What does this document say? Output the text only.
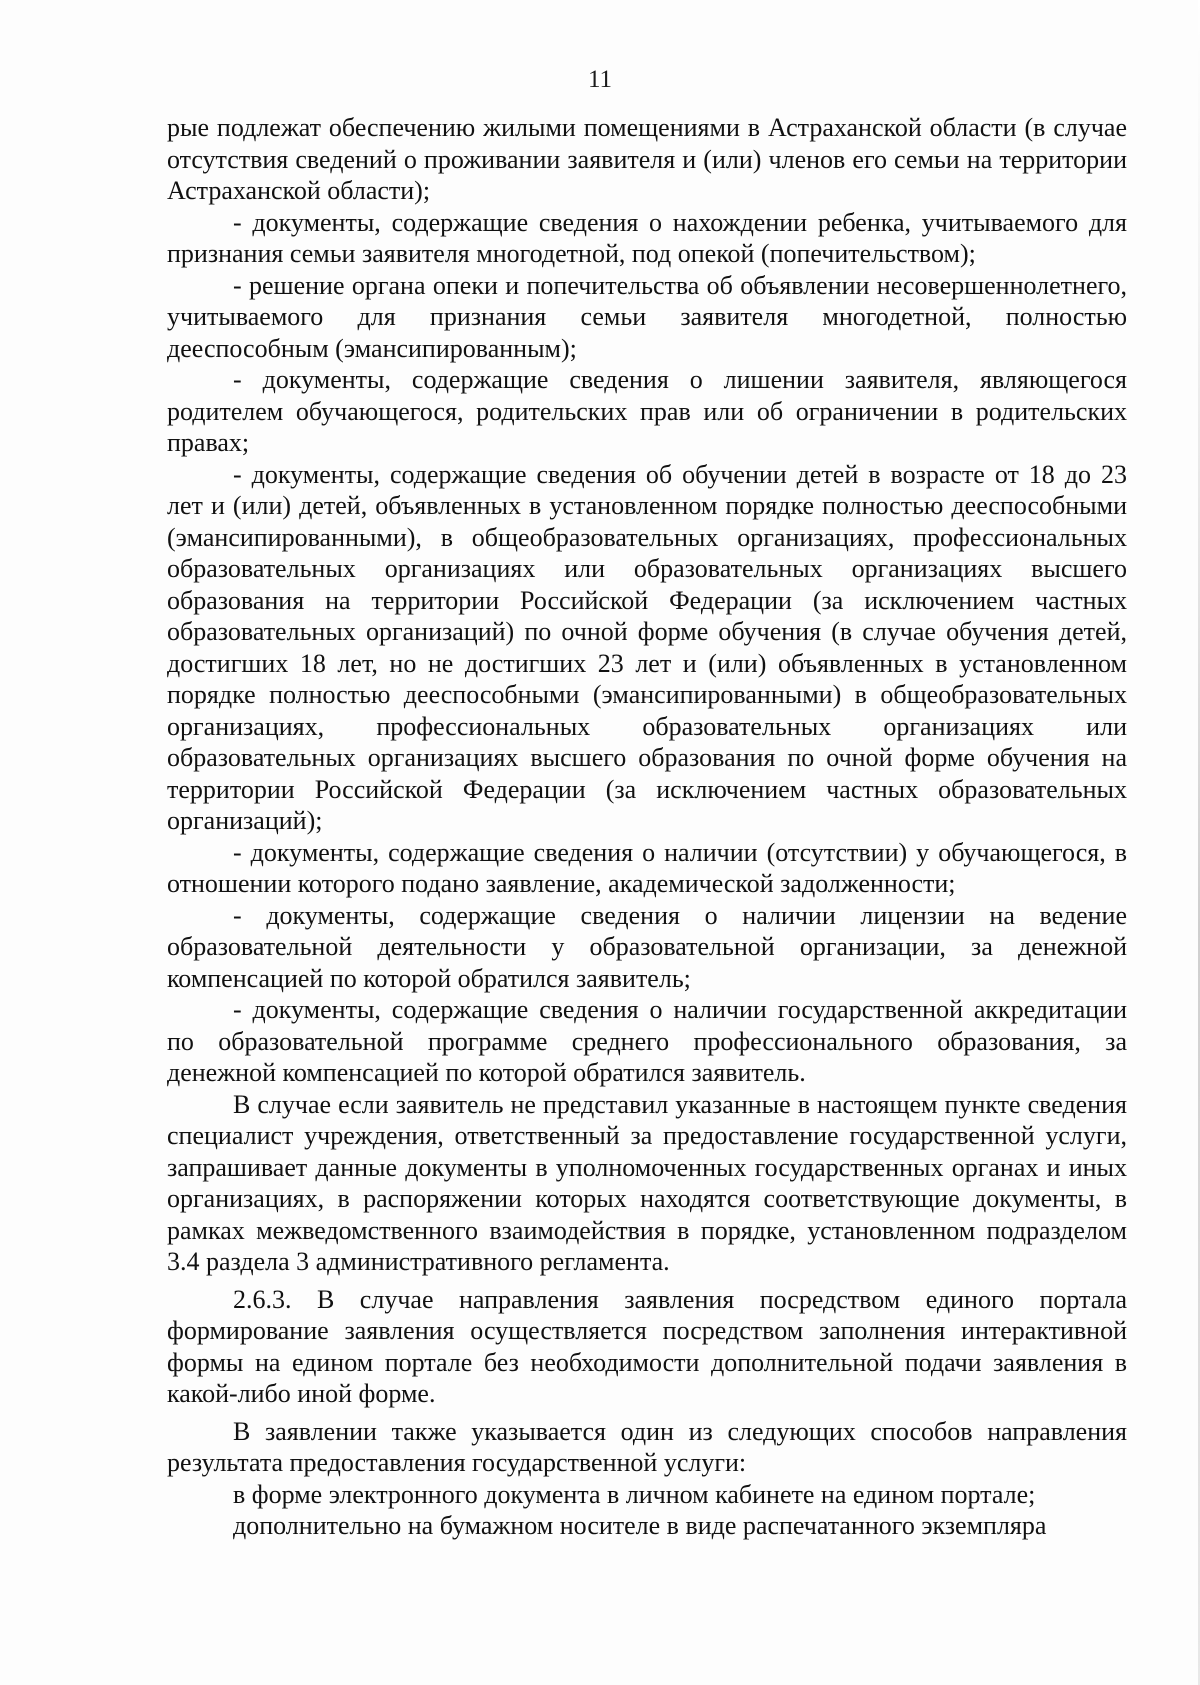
11

рые подлежат обеспечению жилыми помещениями в Астраханской области (в случае отсутствия сведений о проживании заявителя и (или) членов его семьи на территории Астраханской области);

- документы, содержащие сведения о нахождении ребенка, учитываемого для признания семьи заявителя многодетной, под опекой (попечительством);

- решение органа опеки и попечительства об объявлении несовершеннолетнего, учитываемого для признания семьи заявителя многодетной, полностью дееспособным (эмансипированным);

- документы, содержащие сведения о лишении заявителя, являющегося родителем обучающегося, родительских прав или об ограничении в родительских правах;

- документы, содержащие сведения об обучении детей в возрасте от 18 до 23 лет и (или) детей, объявленных в установленном порядке полностью дееспособными (эмансипированными), в общеобразовательных организациях, профессиональных образовательных организациях или образовательных организациях высшего образования на территории Российской Федерации (за исключением частных образовательных организаций) по очной форме обучения (в случае обучения детей, достигших 18 лет, но не достигших 23 лет и (или) объявленных в установленном порядке полностью дееспособными (эмансипированными) в общеобразовательных организациях, профессиональных образовательных организациях или образовательных организациях высшего образования по очной форме обучения на территории Российской Федерации (за исключением частных образовательных организаций);

- документы, содержащие сведения о наличии (отсутствии) у обучающегося, в отношении которого подано заявление, академической задолженности;

- документы, содержащие сведения о наличии лицензии на ведение образовательной деятельности у образовательной организации, за денежной компенсацией по которой обратился заявитель;

- документы, содержащие сведения о наличии государственной аккредитации по образовательной программе среднего профессионального образования, за денежной компенсацией по которой обратился заявитель.

В случае если заявитель не представил указанные в настоящем пункте сведения специалист учреждения, ответственный за предоставление государственной услуги, запрашивает данные документы в уполномоченных государственных органах и иных организациях, в распоряжении которых находятся соответствующие документы, в рамках межведомственного взаимодействия в порядке, установленном подразделом 3.4 раздела 3 административного регламента.

2.6.3. В случае направления заявления посредством единого портала формирование заявления осуществляется посредством заполнения интерактивной формы на едином портале без необходимости дополнительной подачи заявления в какой-либо иной форме.

В заявлении также указывается один из следующих способов направления результата предоставления государственной услуги:

в форме электронного документа в личном кабинете на едином портале;

дополнительно на бумажном носителе в виде распечатанного экземпляра
